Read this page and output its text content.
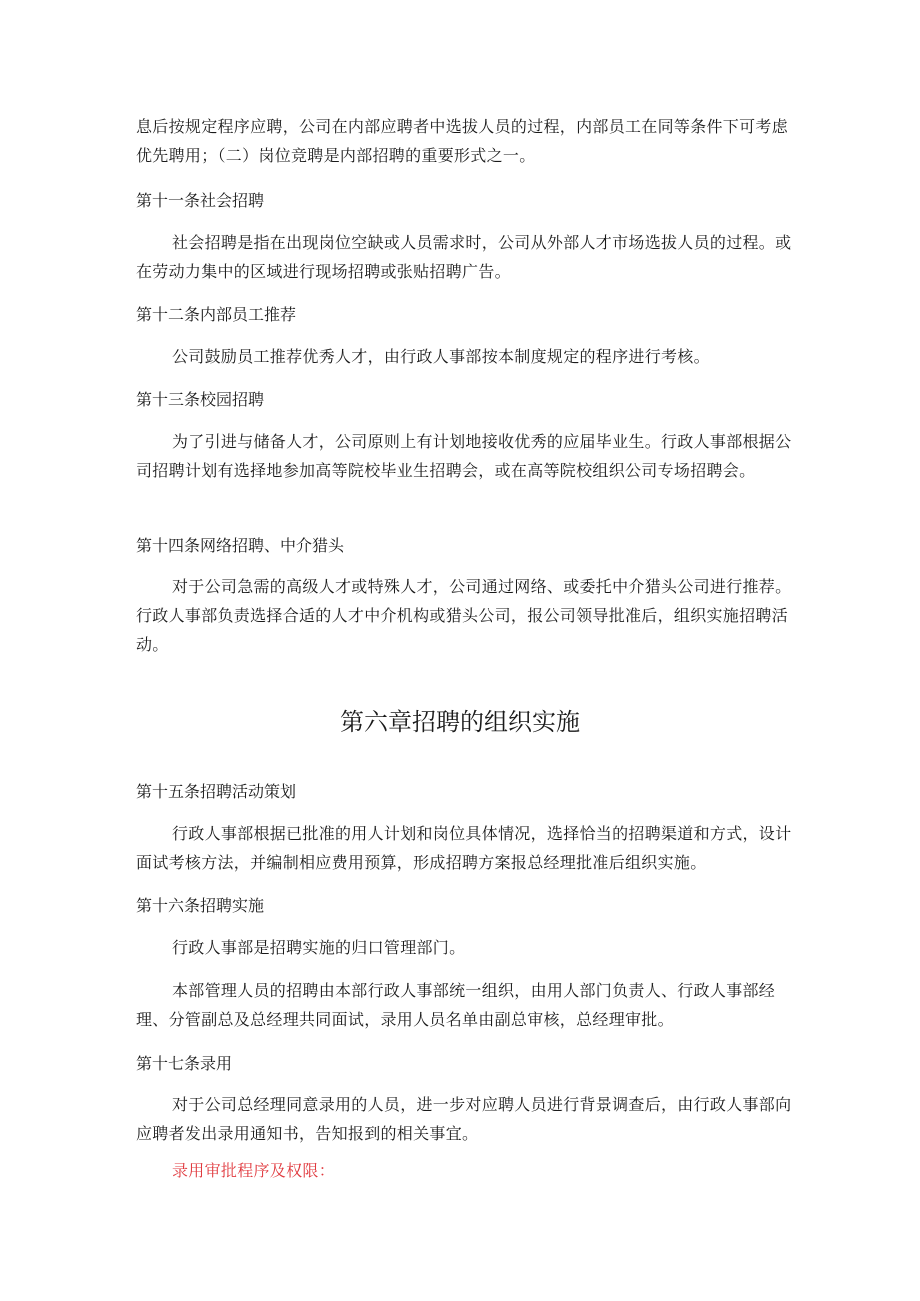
息后按规定程序应聘，公司在内部应聘者中选拔人员的过程，内部员工在同等条件下可考虑优先聘用；（二）岗位竞聘是内部招聘的重要形式之一。

第十一条社会招聘

社会招聘是指在出现岗位空缺或人员需求时，公司从外部人才市场选拔人员的过程。或在劳动力集中的区域进行现场招聘或张贴招聘广告。

第十二条内部员工推荐

公司鼓励员工推荐优秀人才，由行政人事部按本制度规定的程序进行考核。

第十三条校园招聘

为了引进与储备人才，公司原则上有计划地接收优秀的应届毕业生。行政人事部根据公司招聘计划有选择地参加高等院校毕业生招聘会，或在高等院校组织公司专场招聘会。

第十四条网络招聘、中介猎头

对于公司急需的高级人才或特殊人才，公司通过网络、或委托中介猎头公司进行推荐。行政人事部负责选择合适的人才中介机构或猎头公司，报公司领导批准后，组织实施招聘活动。

第六章招聘的组织实施

第十五条招聘活动策划

行政人事部根据已批准的用人计划和岗位具体情况，选择恰当的招聘渠道和方式，设计面试考核方法，并编制相应费用预算，形成招聘方案报总经理批准后组织实施。

第十六条招聘实施

行政人事部是招聘实施的归口管理部门。

本部管理人员的招聘由本部行政人事部统一组织，由用人部门负责人、行政人事部经理、分管副总及总经理共同面试，录用人员名单由副总审核，总经理审批。

第十七条录用

对于公司总经理同意录用的人员，进一步对应聘人员进行背景调查后，由行政人事部向应聘者发出录用通知书，告知报到的相关事宜。

录用审批程序及权限：
